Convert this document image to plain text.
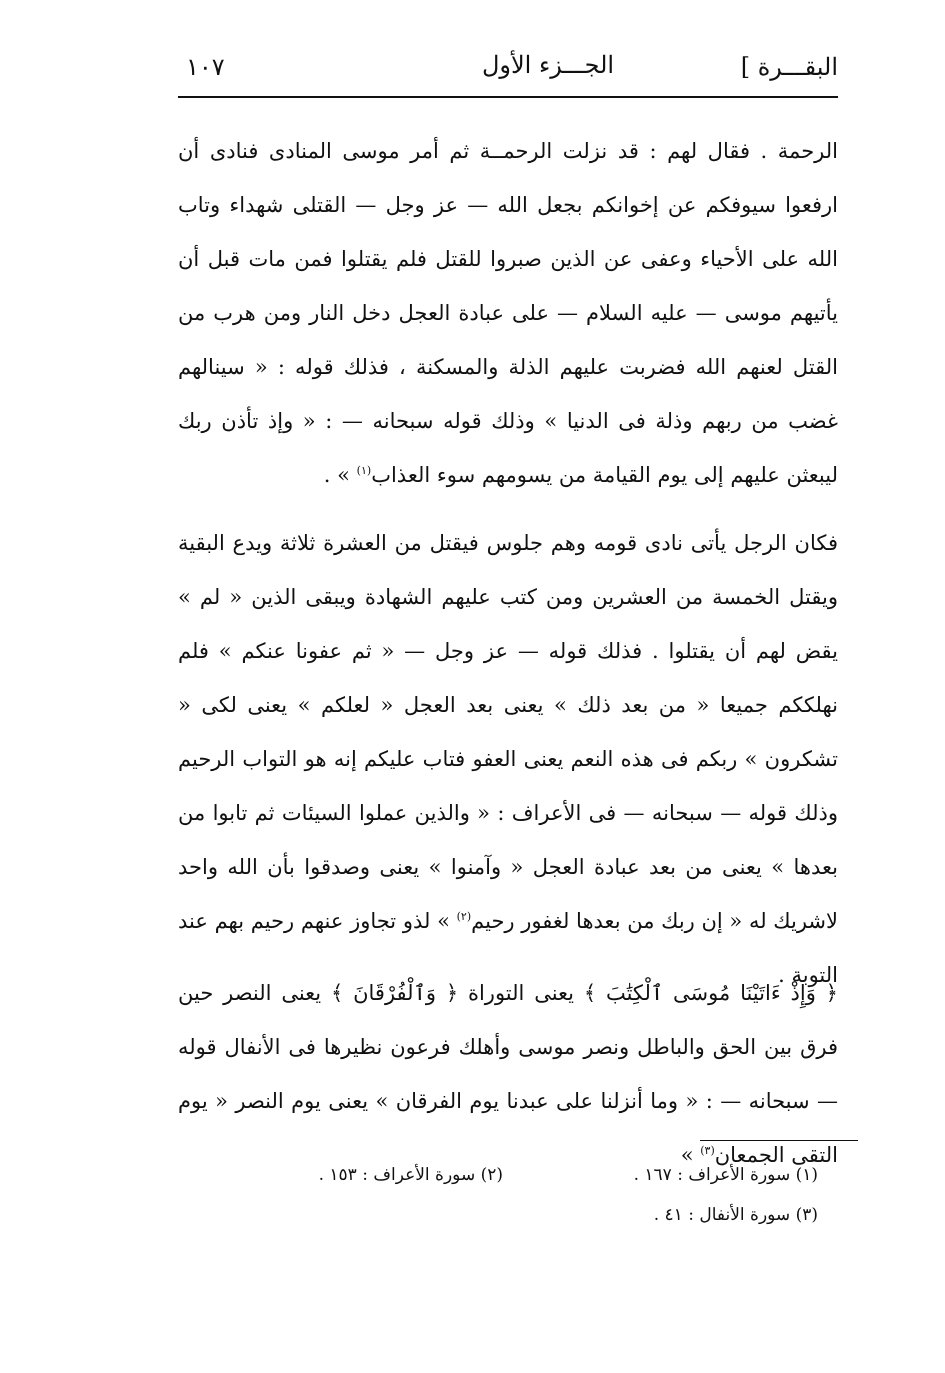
البقـــرة ]
الجـــزء الأول
١٠٧

الرحمة . فقال لهم : قد نزلت الرحمــة ثم أمر موسى المنادى فنادى أن ارفعوا سيوفكم عن إخوانكم بجعل الله — عز وجل — القتلى شهداء وتاب الله على الأحياء وعفى عن الذين صبروا للقتل فلم يقتلوا فمن مات قبل أن يأتيهم موسى — عليه السلام — على عبادة العجل دخل النار ومن هرب من القتل لعنهم الله فضربت عليهم الذلة والمسكنة ، فذلك قوله : « سينالهم غضب من ربهم وذلة فى الدنيا » وذلك قوله سبحانه — : « وإذ تأذن ربك ليبعثن عليهم إلى يوم القيامة من يسومهم سوء العذاب$^{(١)}$ » .

فكان الرجل يأتى نادى قومه وهم جلوس فيقتل من العشرة ثلاثة ويدع البقية ويقتل الخمسة من العشرين ومن كتب عليهم الشهادة ويبقى الذين « لم » يقض لهم أن يقتلوا . فذلك قوله — عز وجل — « ثم عفونا عنكم » فلم نهلككم جميعا « من بعد ذلك » يعنى بعد العجل « لعلكم » يعنى لكى « تشكرون » ربكم فى هذه النعم يعنى العفو فتاب عليكم إنه هو التواب الرحيم وذلك قوله — سبحانه — فى الأعراف : « والذين عملوا السيئات ثم تابوا من بعدها » يعنى من بعد عبادة العجل « وآمنوا » يعنى وصدقوا بأن الله واحد لاشريك له « إن ربك من بعدها لغفور رحيم$^{(٢)}$ » لذو تجاوز عنهم رحيم بهم عند التوبة .

﴿ وَإِذْ ءَاتَيْنَا مُوسَى ٱلْكِتَٰبَ ﴾ يعنى التوراة ﴿ وَٱلْفُرْقَانَ ﴾ يعنى النصر حين فرق بين الحق والباطل ونصر موسى وأهلك فرعون نظيرها فى الأنفال قوله — سبحانه — : « وما أنزلنا على عبدنا يوم الفرقان » يعنى يوم النصر « يوم التقى الجمعان$^{(٣)}$ »

(١) سورة الأعراف : ١٦٧ .
(٢) سورة الأعراف : ١٥٣ .
(٣) سورة الأنفال : ٤١ .
